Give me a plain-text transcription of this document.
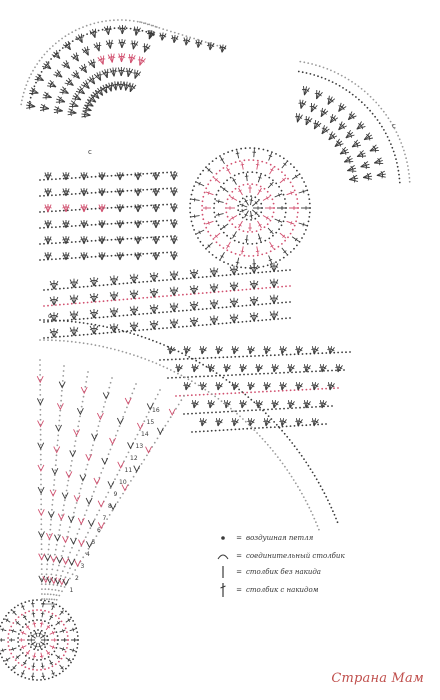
16
15
14
13
12
11
10
9
8
7
6
5
4
3
2
1
c
c
c
= воздушная петля
= соединительный столбик
= столбик без накида
= столбик с накидом
Страна Мам
